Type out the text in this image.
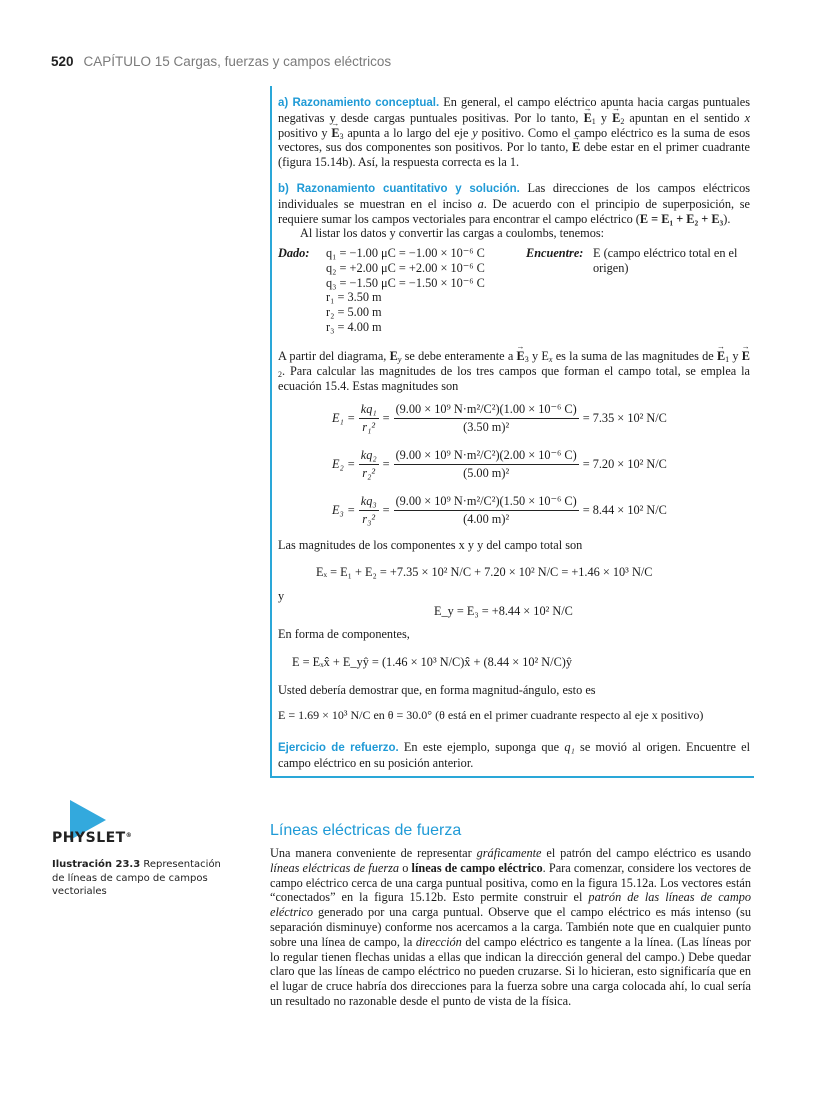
520 CAPÍTULO 15 Cargas, fuerzas y campos eléctricos
a) Razonamiento conceptual. En general, el campo eléctrico apunta hacia cargas puntuales negativas y desde cargas puntuales positivas. Por lo tanto, → $E_1$ $y \to E_2$ apuntan en el sentido x positivo $y \to E_3$ apunta a lo largo del eje y positivo. Como el campo eléctrico es la suma de esos vectores, sus dos componentes son positivos. Por lo tanto, → E debe estar en el primer cuadrante (figura 15.14b). Así, la respuesta correcta es la 1.
b) Razonamiento cuantitativo y solución. Las direcciones de los campos eléctricos individuales se muestran en el inciso a. De acuerdo con el principio de superposición, se requiere sumar los campos vectoriales para encontrar el campo eléctrico (E = E₁ + E₂ + E₃).
Al listar los datos y convertir las cargas a coulombs, tenemos:
Dado: q₁ = −1.00 μC = −1.00 × 10⁻⁶ C
q₂ = +2.00 μC = +2.00 × 10⁻⁶ C
q₃ = −1.50 μC = −1.50 × 10⁻⁶ C
r₁ = 3.50 m
r₂ = 5.00 m
r₃ = 4.00 m
Encuentre: E (campo eléctrico total en el origen)
A partir del diagrama, $E_y$ se debe enteramente $a \to E_3$ y $E_x$ es la suma de las magnitudes de → $E_1$ $y \to E_2$. Para calcular las magnitudes de los tres campos que forman el campo total, se emplea la ecuación 15.4. Estas magnitudes son
$E_1 = \frac{\text{kq₁}}{\text{r₁²}} = \frac{\text{(9.00 × 10⁹ N·m²/C²)(1.00 × 10⁻⁶ C)}}{\text{(3.50 m)²}} = 7.35 \times 10^2$ N/C
$E_2 = \frac{\text{kq₂}}{\text{r₂²}} = \frac{\text{(9.00 × 10⁹ N·m²/C²)(2.00 × 10⁻⁶ C)}}{\text{(5.00 m)²}} = 7.20 \times 10^2$ N/C
$E_3 = \frac{\text{kq₃}}{\text{r₃²}} = \frac{\text{(9.00 × 10⁹ N·m²/C²)(1.50 × 10⁻⁶ C)}}{\text{(4.00 m)²}} = 8.44 \times 10^2$ N/C
Las magnitudes de los componentes x y y del campo total son
Eₓ = E₁ + E₂ = +7.35 × 10² N/C + 7.20 × 10² N/C = +1.46 × 10³ N/C
y
E_y = E₃ = +8.44 × 10² N/C
En forma de componentes,
E = Eₓx̂ + E_yŷ = (1.46 × 10³ N/C)x̂ + (8.44 × 10² N/C)ŷ
Usted debería demostrar que, en forma magnitud-ángulo, esto es
E = 1.69 × 10³ N/C en θ = 30.0° (θ está en el primer cuadrante respecto al eje x positivo)
Ejercicio de refuerzo. En este ejemplo, suponga que q₁ se movió al origen. Encuentre el campo eléctrico en su posición anterior.
PHYSLET®
Ilustración 23.3 Representación de líneas de campo de campos vectoriales
Líneas eléctricas de fuerza
Una manera conveniente de representar gráficamente el patrón del campo eléctrico es usando líneas eléctricas de fuerza o líneas de campo eléctrico. Para comenzar, considere los vectores de campo eléctrico cerca de una carga puntual positiva, como en la figura 15.12a. Los vectores están “conectados” en la figura 15.12b. Esto permite construir el patrón de las líneas de campo eléctrico generado por una carga puntual. Observe que el campo eléctrico es más intenso (su separación disminuye) conforme nos acercamos a la carga. También note que en cualquier punto sobre una línea de campo, la dirección del campo eléctrico es tangente a la línea. (Las líneas por lo regular tienen flechas unidas a ellas que indican la dirección general del campo.) Debe quedar claro que las líneas de campo eléctrico no pueden cruzarse. Si lo hicieran, esto significaría que en el lugar de cruce habría dos direcciones para la fuerza sobre una carga colocada ahí, lo cual sería un resultado no razonable desde el punto de vista de la física.
